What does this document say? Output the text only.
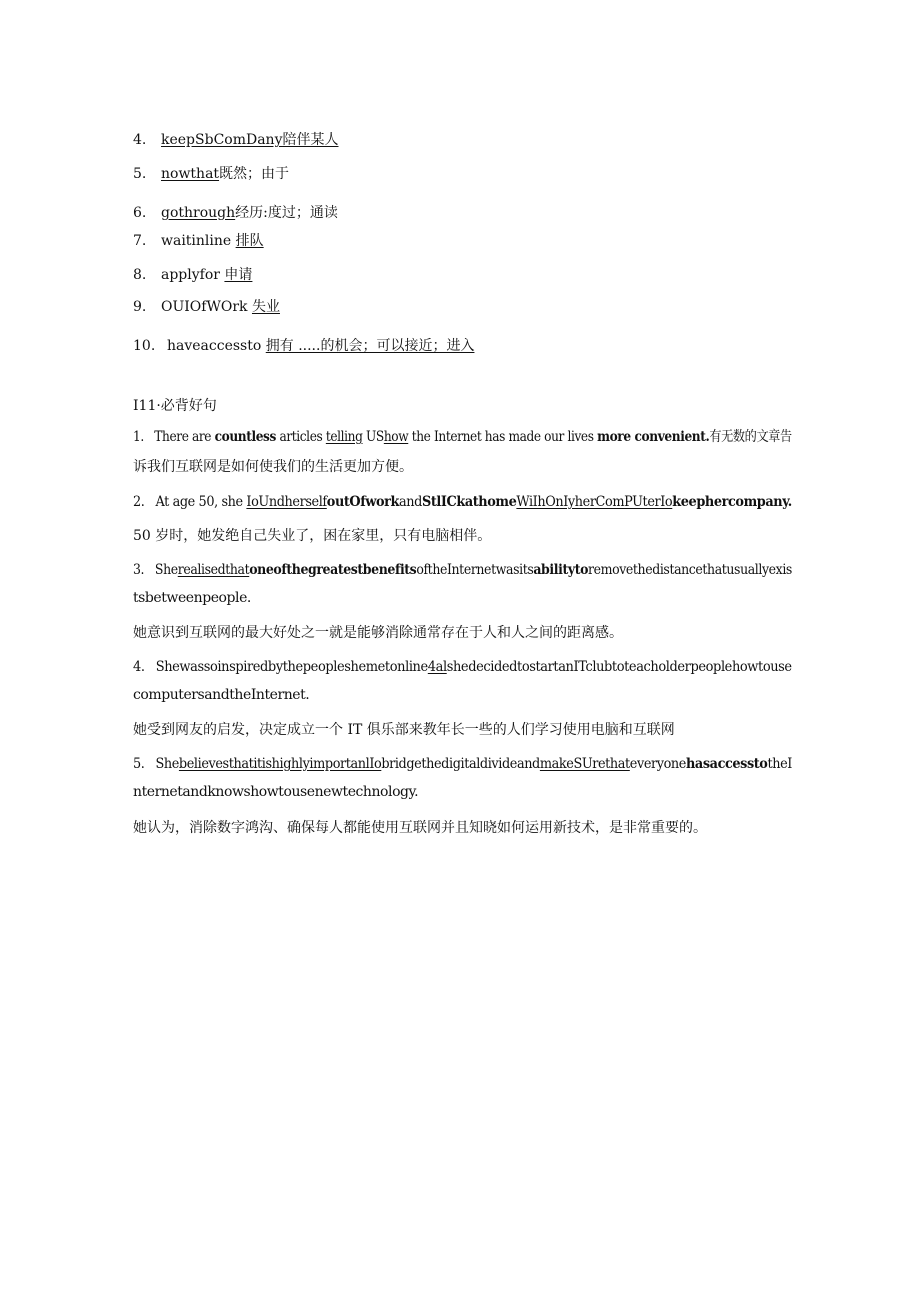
4. keepSbComDany陪伴某人
5. nowthat既然；由于
6. gothrough经历:度过；通读
7. waitinline 排队
8. applyfor 申请
9. OUIOfWOrk 失业
10. haveaccessto 拥有 .....的机会；可以接近；进入
I11·必背好句
1. There are countless articles telling UShow the Internet has made our lives more convenient.有无数的文章告
诉我们互联网是如何使我们的生活更加方便。
2. At age 50, she IoUndherselfoutOfworkandStlICkathomeWiIhOnIyherComPUterIokeephercompany.
50 岁时，她发绝自己失业了，困在家里，只有电脑相伴。
3. SherealisedthatoneofthegreatestbenefitsoftheInternetwasitsabilitytoremovethedistancethatusuallyexis
tsbetweenpeople.
她意识到互联网的最大好处之一就是能够消除通常存在于人和人之间的距离感。
4. Shewassoinspiredbythepeopleshemetonline4alshedecidedtostartanITclubtoteacholderpeoplehowtouse
computersandtheInternet.
她受到网友的启发，决定成立一个 IT 俱乐部来教年长一些的人们学习使用电脑和互联网
5. ShebelievesthatitishighlyimportanlIobridgethedigitaldivideandmakeSUrethateveryonehasaccesstotheI
nternetandknowshowtousenewtechnology.
她认为，消除数字鸿沟、确保每人都能使用互联网并且知晓如何运用新技术，是非常重要的。
